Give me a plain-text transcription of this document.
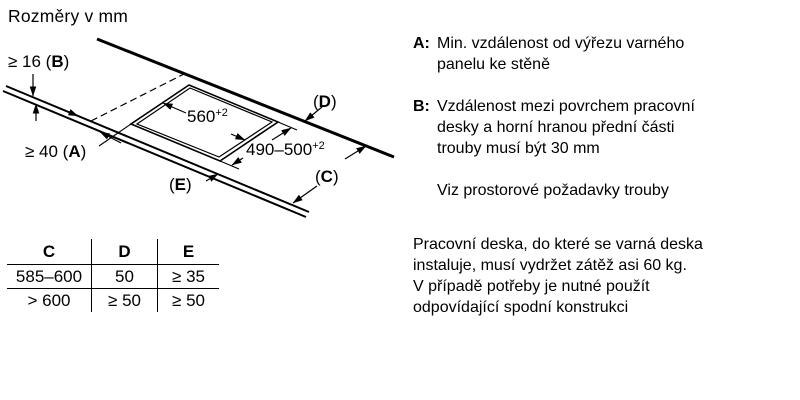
Rozměry v mm
$560^{+2}$
$490-500^{+2}$
≥ 16 (B)
≥ 40 (A)
(D)
(C)
(E)
C	D	E
585–600	50	≥ 35
> 600	≥ 50	≥ 50
A: Min. vzdálenost od výřezu varného
panelu ke stěně
B: Vzdálenost mezi povrchem pracovní
desky a horní hranou přední části
trouby musí být 30 mm
Viz prostorové požadavky trouby
Pracovní deska, do které se varná deska
instaluje, musí vydržet zátěž asi 60 kg.
V případě potřeby je nutné použít
odpovídající spodní konstrukci
